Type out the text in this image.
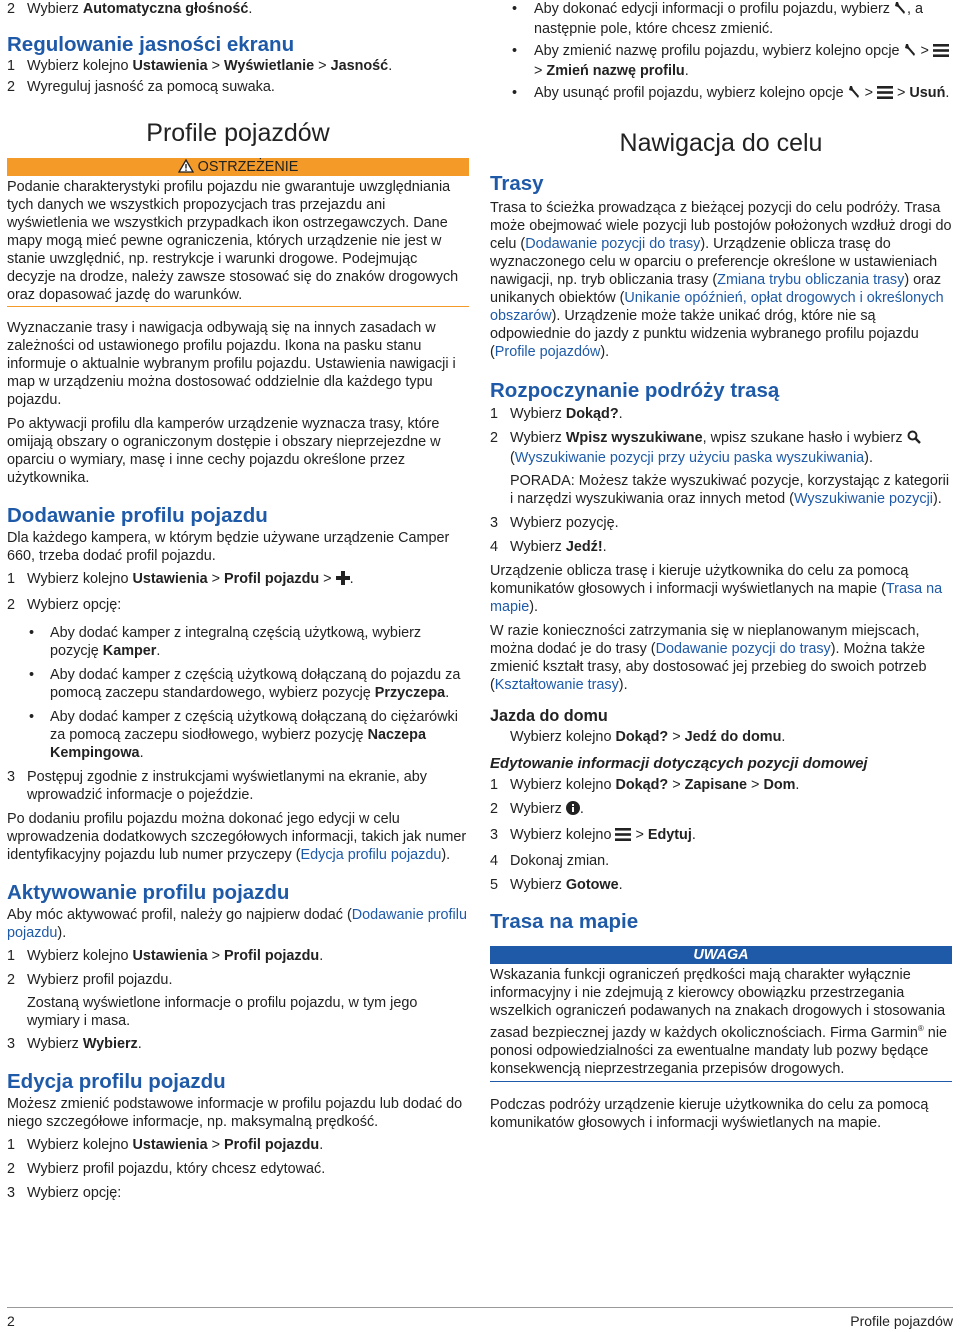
2 Wybierz Automatyczna głośność.

Regulowanie jasności ekranu

1 Wybierz kolejno Ustawienia > Wyświetlanie > Jasność.

2 Wyreguluj jasność za pomocą suwaka.

Profile pojazdów
OSTRZEŻENIE

Podanie charakterystyki profilu pojazdu nie gwarantuje uwzględniania tych danych we wszystkich propozycjach tras przejazdu ani wyświetlenia we wszystkich przypadkach ikon ostrzegawczych. Dane mapy mogą mieć pewne ograniczenia, których urządzenie nie jest w stanie uwzględnić, np. restrykcje i warunki drogowe. Podejmując decyzje na drodze, należy zawsze stosować się do znaków drogowych oraz dopasować jazdę do warunków.

Wyznaczanie trasy i nawigacja odbywają się na innych zasadach w zależności od ustawionego profilu pojazdu. Ikona na pasku stanu informuje o aktualnie wybranym profilu pojazdu. Ustawienia nawigacji i map w urządzeniu można dostosować oddzielnie dla każdego typu pojazdu.

Po aktywacji profilu dla kamperów urządzenie wyznacza trasy, które omijają obszary o ograniczonym dostępie i obszary nieprzejezdne w oparciu o wymiary, masę i inne cechy pojazdu określone przez użytkownika.

Dodawanie profilu pojazdu

Dla każdego kampera, w którym będzie używane urządzenie Camper 660, trzeba dodać profil pojazdu.

1 Wybierz kolejno Ustawienia > Profil pojazdu > .

2 Wybierz opcję:

• Aby dodać kamper z integralną częścią użytkową, wybierz pozycję Kamper.

• Aby dodać kamper z częścią użytkową dołączaną do pojazdu za pomocą zaczepu standardowego, wybierz pozycję Przyczepa.

• Aby dodać kamper z częścią użytkową dołączaną do ciężarówki za pomocą zaczepu siodłowego, wybierz pozycję Naczepa Kempingowa.

3 Postępuj zgodnie z instrukcjami wyświetlanymi na ekranie, aby wprowadzić informacje o pojeździe.

Po dodaniu profilu pojazdu można dokonać jego edycji w celu wprowadzenia dodatkowych szczegółowych informacji, takich jak numer identyfikacyjny pojazdu lub numer przyczepy (Edycja profilu pojazdu).

Aktywowanie profilu pojazdu

Aby móc aktywować profil, należy go najpierw dodać (Dodawanie profilu pojazdu).

1 Wybierz kolejno Ustawienia > Profil pojazdu.

2 Wybierz profil pojazdu.

Zostaną wyświetlone informacje o profilu pojazdu, w tym jego wymiary i masa.

3 Wybierz Wybierz.

Edycja profilu pojazdu

Możesz zmienić podstawowe informacje w profilu pojazdu lub dodać do niego szczegółowe informacje, np. maksymalną prędkość.

1 Wybierz kolejno Ustawienia > Profil pojazdu.

2 Wybierz profil pojazdu, który chcesz edytować.

3 Wybierz opcję:

• Aby dokonać edycji informacji o profilu pojazdu, wybierz , a następnie pole, które chcesz zmienić.

• Aby zmienić nazwę profilu pojazdu, wybierz kolejno opcje  >  > Zmień nazwę profilu.

• Aby usunąć profil pojazdu, wybierz kolejno opcje  >  > Usuń.

Nawigacja do celu
Trasy

Trasa to ścieżka prowadząca z bieżącej pozycji do celu podróży. Trasa może obejmować wiele pozycji lub postojów położonych wzdłuż drogi do celu (Dodawanie pozycji do trasy). Urządzenie oblicza trasę do wyznaczonego celu w oparciu o preferencje określone w ustawieniach nawigacji, np. tryb obliczania trasy (Zmiana trybu obliczania trasy) oraz unikanych obiektów (Unikanie opóźnień, opłat drogowych i określonych obszarów). Urządzenie może także unikać dróg, które nie są odpowiednie do jazdy z punktu widzenia wybranego profilu pojazdu (Profile pojazdów).

Rozpoczynanie podróży trasą

1 Wybierz Dokąd?.

2 Wybierz Wpisz wyszukiwane, wpisz szukane hasło i wybierz  (Wyszukiwanie pozycji przy użyciu paska wyszukiwania).

PORADA: Możesz także wyszukiwać pozycje, korzystając z kategorii i narzędzi wyszukiwania oraz innych metod (Wyszukiwanie pozycji).

3 Wybierz pozycję.

4 Wybierz Jedź!.

Urządzenie oblicza trasę i kieruje użytkownika do celu za pomocą komunikatów głosowych i informacji wyświetlanych na mapie (Trasa na mapie).

W razie konieczności zatrzymania się w nieplanowanym miejscach, można dodać je do trasy (Dodawanie pozycji do trasy). Można także zmienić kształt trasy, aby dostosować jej przebieg do swoich potrzeb (Kształtowanie trasy).

Jazda do domu

Wybierz kolejno Dokąd? > Jedź do domu.

Edytowanie informacji dotyczących pozycji domowej

1 Wybierz kolejno Dokąd? > Zapisane > Dom.

2 Wybierz .

3 Wybierz kolejno  > Edytuj.

4 Dokonaj zmian.

5 Wybierz Gotowe.

Trasa na mapie
UWAGA

Wskazania funkcji ograniczeń prędkości mają charakter wyłącznie informacyjny i nie zdejmują z kierowcy obowiązku przestrzegania wszelkich ograniczeń podawanych na znakach drogowych i stosowania zasad bezpiecznej jazdy w każdych okolicznościach. Firma Garmin® nie ponosi odpowiedzialności za ewentualne mandaty lub pozwy będące konsekwencją nieprzestrzegania przepisów drogowych.

Podczas podróży urządzenie kieruje użytkownika do celu za pomocą komunikatów głosowych i informacji wyświetlanych na mapie.

2	Profile pojazdów
